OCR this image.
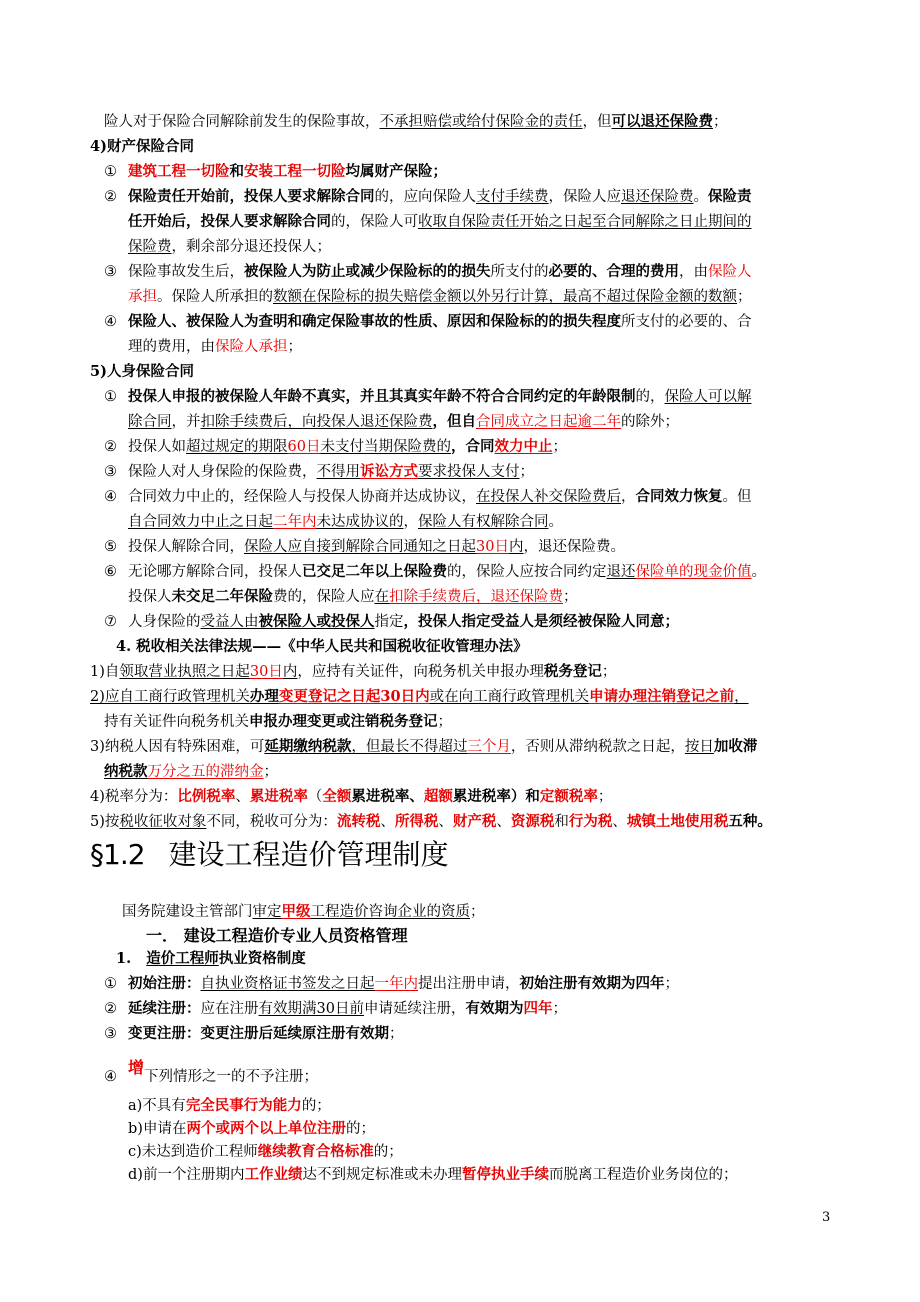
险人对于保险合同解除前发生的保险事故，不承担赔偿或给付保险金的责任，但可以退还保险费；
4)财产保险合同
① 建筑工程一切险和安装工程一切险均属财产保险；
② 保险责任开始前，投保人要求解除合同的，应向保险人支付手续费，保险人应退还保险费。保险责
任开始后，投保人要求解除合同的，保险人可收取自保险责任开始之日起至合同解除之日止期间的
保险费，剩余部分退还投保人；
③ 保险事故发生后，被保险人为防止或减少保险标的的损失所支付的必要的、合理的费用，由保险人
承担。保险人所承担的数额在保险标的损失赔偿金额以外另行计算，最高不超过保险金额的数额；
④ 保险人、被保险人为查明和确定保险事故的性质、原因和保险标的的损失程度所支付的必要的、合
理的费用，由保险人承担；
5)人身保险合同
① 投保人申报的被保险人年龄不真实，并且其真实年龄不符合合同约定的年龄限制的，保险人可以解
除合同，并扣除手续费后，向投保人退还保险费，但自合同成立之日起逾二年的除外；
② 投保人如超过规定的期限60日未支付当期保险费的，合同效力中止；
③ 保险人对人身保险的保险费，不得用诉讼方式要求投保人支付；
④ 合同效力中止的，经保险人与投保人协商并达成协议，在投保人补交保险费后，合同效力恢复。但
自合同效力中止之日起二年内未达成协议的，保险人有权解除合同。
⑤ 投保人解除合同，保险人应自接到解除合同通知之日起30日内，退还保险费。
⑥ 无论哪方解除合同，投保人已交足二年以上保险费的，保险人应按合同约定退还保险单的现金价值。
投保人未交足二年保险费的，保险人应在扣除手续费后，退还保险费；
⑦ 人身保险的受益人由被保险人或投保人指定，投保人指定受益人是须经被保险人同意；
4. 税收相关法律法规——《中华人民共和国税收征收管理办法》
1)自领取营业执照之日起30日内，应持有关证件，向税务机关申报办理税务登记；
2)应自工商行政管理机关办理变更登记之日起30日内或在向工商行政管理机关申请办理注销登记之前，
持有关证件向税务机关申报办理变更或注销税务登记；
3)纳税人因有特殊困难，可延期缴纳税款，但最长不得超过三个月，否则从滞纳税款之日起，按日加收滞
纳税款万分之五的滞纳金；
4)税率分为：比例税率、累进税率（全额累进税率、超额累进税率）和定额税率；
5)按税收征收对象不同，税收可分为：流转税、所得税、财产税、资源税和行为税、城镇土地使用税五种。
§1.2 建设工程造价管理制度
国务院建设主管部门审定甲级工程造价咨询企业的资质；
一． 建设工程造价专业人员资格管理
1.   造价工程师执业资格制度
① 初始注册：自执业资格证书签发之日起一年内提出注册申请，初始注册有效期为四年；
② 延续注册：应在注册有效期满30日前申请延续注册，有效期为四年；
③ 变更注册：变更注册后延续原注册有效期；
④ 增下列情形之一的不予注册；
a)不具有完全民事行为能力的；
b)申请在两个或两个以上单位注册的；
c)未达到造价工程师继续教育合格标准的；
d)前一个注册期内工作业绩达不到规定标准或未办理暂停执业手续而脱离工程造价业务岗位的；
3
